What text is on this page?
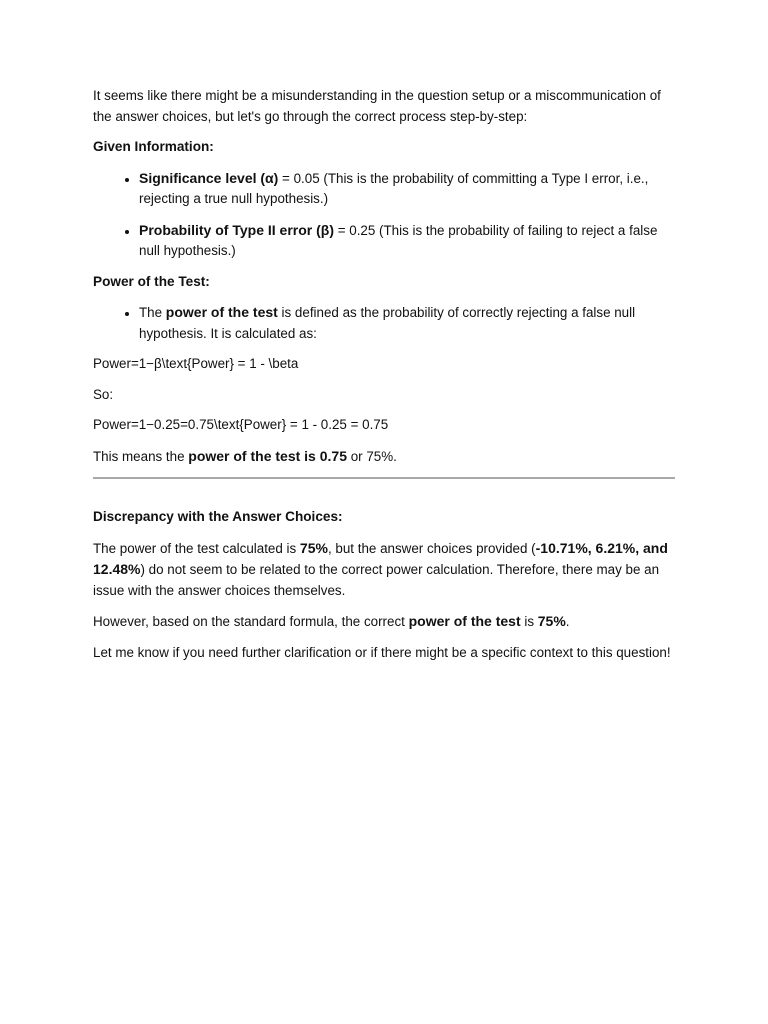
It seems like there might be a misunderstanding in the question setup or a miscommunication of the answer choices, but let's go through the correct process step-by-step:

Given Information:
• Significance level (α) = 0.05 (This is the probability of committing a Type I error, i.e., rejecting a true null hypothesis.)
• Probability of Type II error (β) = 0.25 (This is the probability of failing to reject a false null hypothesis.)
Power of the Test:
• The power of the test is defined as the probability of correctly rejecting a false null hypothesis. It is calculated as:

Power=1−β\text{Power} = 1 - \beta

So:

Power=1−0.25=0.75\text{Power} = 1 - 0.25 = 0.75

This means the power of the test is 0.75 or 75%.

Discrepancy with the Answer Choices:

The power of the test calculated is 75%, but the answer choices provided (-10.71%, 6.21%, and 12.48%) do not seem to be related to the correct power calculation. Therefore, there may be an issue with the answer choices themselves.

However, based on the standard formula, the correct power of the test is 75%.

Let me know if you need further clarification or if there might be a specific context to this question!
